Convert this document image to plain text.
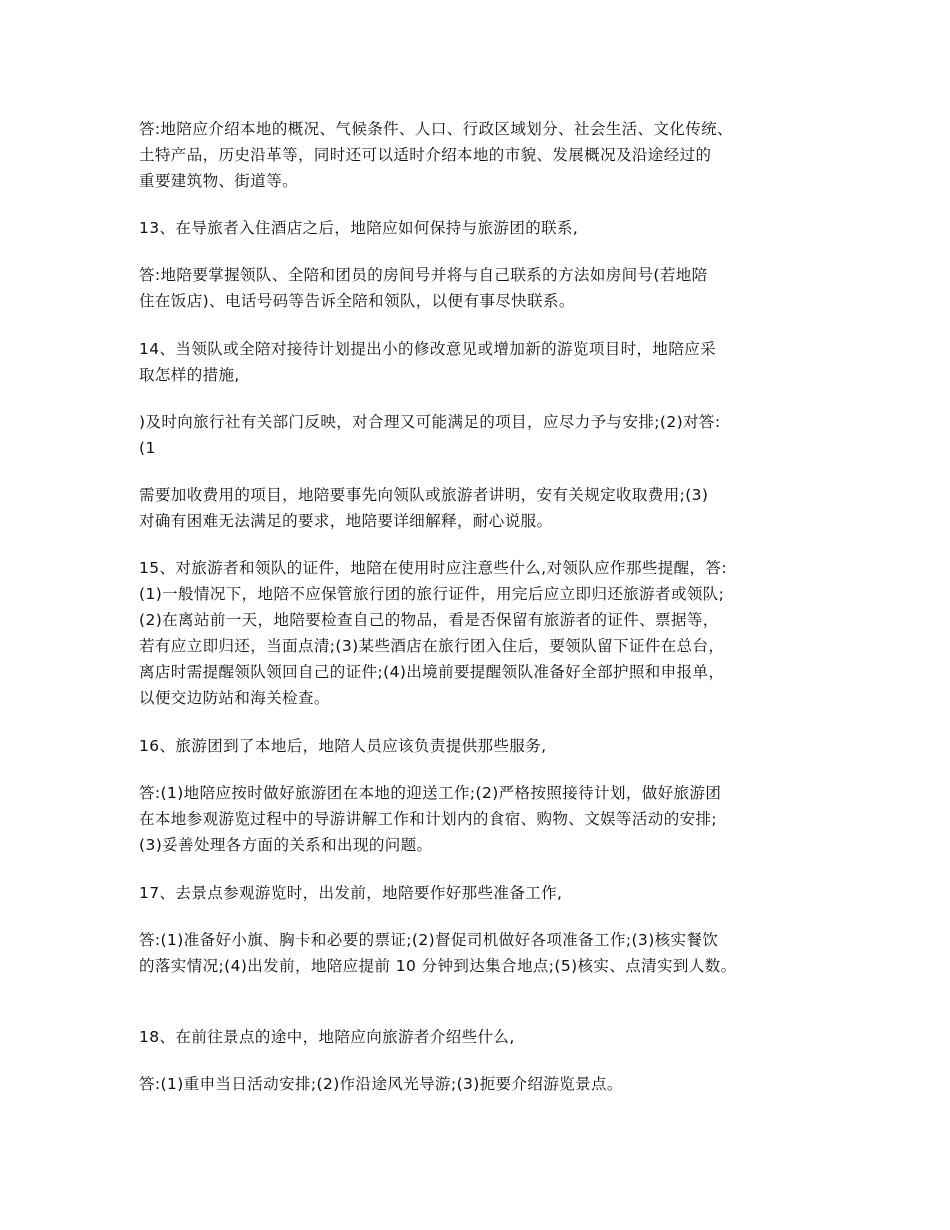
答:地陪应介绍本地的概况、气候条件、人口、行政区域划分、社会生活、文化传统、
土特产品，历史沿革等，同时还可以适时介绍本地的市貌、发展概况及沿途经过的
重要建筑物、街道等。
13、在导旅者入住酒店之后，地陪应如何保持与旅游团的联系,
答:地陪要掌握领队、全陪和团员的房间号并将与自己联系的方法如房间号(若地陪
住在饭店)、电话号码等告诉全陪和领队，以便有事尽快联系。
14、当领队或全陪对接待计划提出小的修改意见或增加新的游览项目时，地陪应采
取怎样的措施,
)及时向旅行社有关部门反映，对合理又可能满足的项目，应尽力予与安排;(2)对答:
(1
需要加收费用的项目，地陪要事先向领队或旅游者讲明，安有关规定收取费用;(3)
对确有困难无法满足的要求，地陪要详细解释，耐心说服。
15、对旅游者和领队的证件，地陪在使用时应注意些什么,对领队应作那些提醒，答:
(1)一般情况下，地陪不应保管旅行团的旅行证件，用完后应立即归还旅游者或领队;
(2)在离站前一天，地陪要检查自己的物品，看是否保留有旅游者的证件、票据等，
若有应立即归还，当面点清;(3)某些酒店在旅行团入住后，要领队留下证件在总台，
离店时需提醒领队领回自己的证件;(4)出境前要提醒领队准备好全部护照和申报单，
以便交边防站和海关检查。
16、旅游团到了本地后，地陪人员应该负责提供那些服务,
答:(1)地陪应按时做好旅游团在本地的迎送工作;(2)严格按照接待计划，做好旅游团
在本地参观游览过程中的导游讲解工作和计划内的食宿、购物、文娱等活动的安排;
(3)妥善处理各方面的关系和出现的问题。
17、去景点参观游览时，出发前，地陪要作好那些准备工作,
答:(1)准备好小旗、胸卡和必要的票证;(2)督促司机做好各项准备工作;(3)核实餐饮
的落实情况;(4)出发前，地陪应提前 10 分钟到达集合地点;(5)核实、点清实到人数。
18、在前往景点的途中，地陪应向旅游者介绍些什么,
答:(1)重申当日活动安排;(2)作沿途风光导游;(3)扼要介绍游览景点。
